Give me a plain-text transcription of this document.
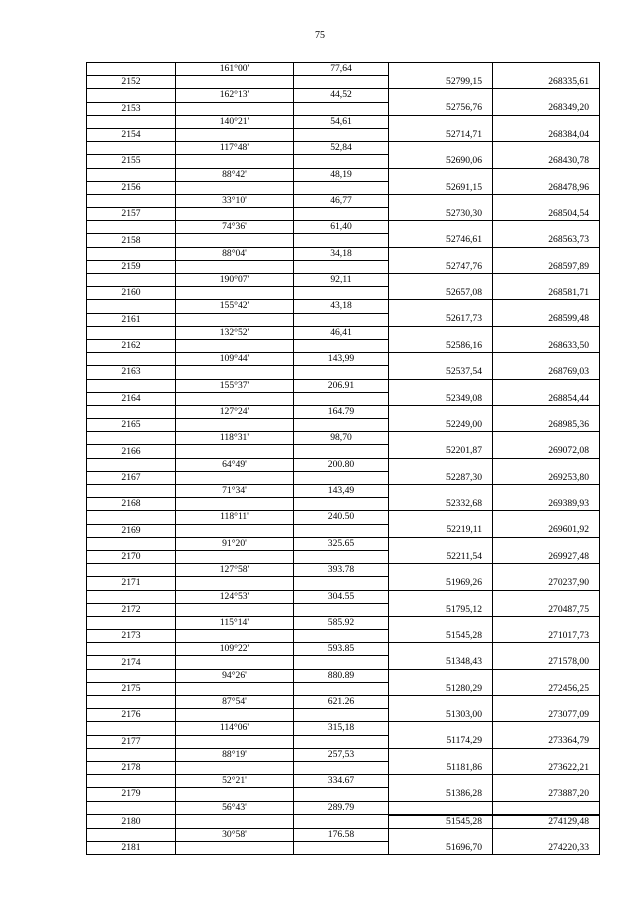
75
	161°00'	77,64		
2152			52799,15	268335,61
	162°13'	44,52		
2153			52756,76	268349,20
	140°21'	54,61		
2154			52714,71	268384,04
	117°48'	52,84		
2155			52690,06	268430,78
	88°42'	48,19		
2156			52691,15	268478,96
	33°10'	46,77		
2157			52730,30	268504,54
	74°36'	61,40		
2158			52746,61	268563,73
	88°04'	34,18		
2159			52747,76	268597,89
	190°07'	92,11		
2160			52657,08	268581,71
	155°42'	43,18		
2161			52617,73	268599,48
	132°52'	46,41		
2162			52586,16	268633,50
	109°44'	143,99		
2163			52537,54	268769,03
	155°37'	206.91		
2164			52349,08	268854,44
	127°24'	164.79		
2165			52249,00	268985,36
	118°31'	98,70		
2166			52201,87	269072,08
	64°49'	200.80		
2167			52287,30	269253,80
	71°34'	143,49		
2168			52332,68	269389,93
	118°11'	240.50		
2169			52219,11	269601,92
	91°20'	325.65		
2170			52211,54	269927,48
	127°58'	393.78		
2171			51969,26	270237,90
	124°53'	304.55		
2172			51795,12	270487,75
	115°14'	585.92		
2173			51545,28	271017,73
	109°22'	593.85		
2174			51348,43	271578,00
	94°26'	880.89		
2175			51280,29	272456,25
	87°54'	621.26		
2176			51303,00	273077,09
	114°06'	315,18		
2177			51174,29	273364,79
	88°19'	257,53		
2178			51181,86	273622,21
	52°21'	334.67		
2179			51386,28	273887,20
	56°43'	289.79		
2180			51545,28	274129,48
	30°58'	176.58		
2181			51696,70	274220,33
